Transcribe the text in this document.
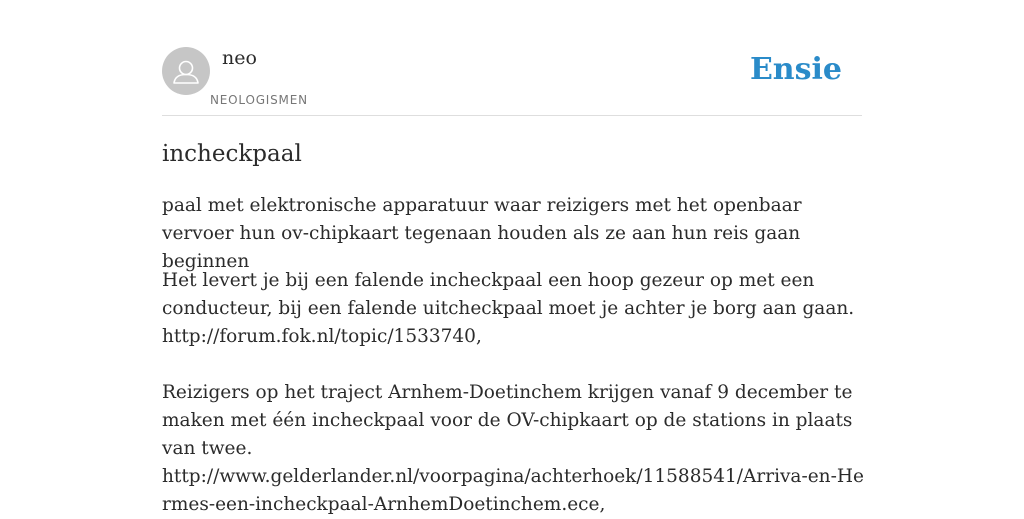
neo
NEOLOGISMEN
Ensie
incheckpaal

paal met elektronische apparatuur waar reizigers met het openbaar vervoer hun ov-chipkaart tegenaan houden als ze aan hun reis gaan beginnen

Het levert je bij een falende incheckpaal een hoop gezeur op met een conducteur, bij een falende uitcheckpaal moet je achter je borg aan gaan.
http://forum.fok.nl/topic/1533740,

Reizigers op het traject Arnhem-Doetinchem krijgen vanaf 9 december te maken met één incheckpaal voor de OV-chipkaart op de stations in plaats van twee.
http://www.gelderlander.nl/voorpagina/achterhoek/11588541/Arriva-en-Hermes-een-incheckpaal-ArnhemDoetinchem.ece,
